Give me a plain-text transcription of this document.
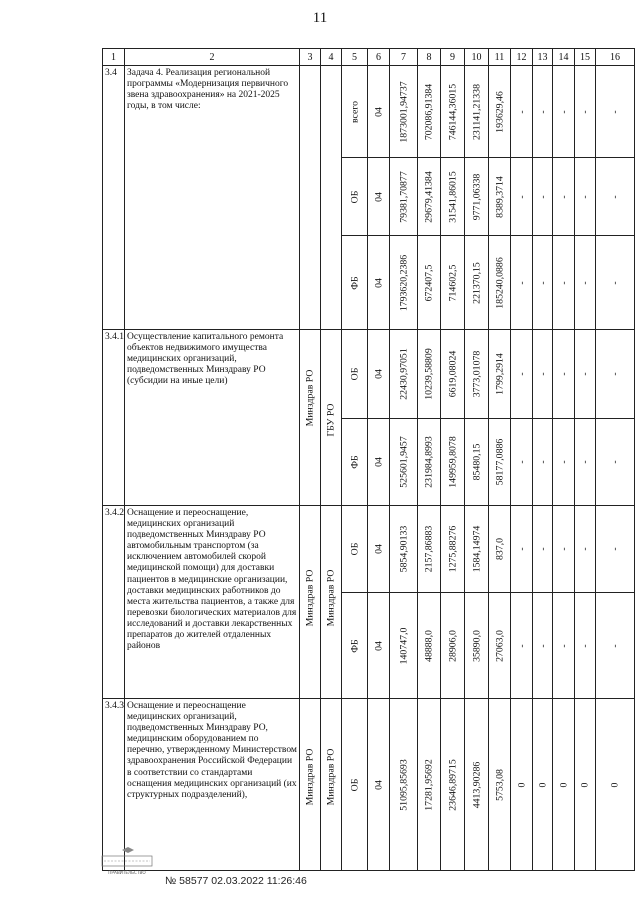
11
1	2	3	4	5	6	7	8	9	10	11	12	13	14	15	16
3.4	Задача 4. Реализация региональной программы «Модернизация первичного звена здравоохранения» на 2021-2025 годы, в том числе:			всего	04	1873001,94737	702086,91384	746144,36015	231141,21338	193629,46	-	-	-	-	-

				ОБ	04	79381,70877	29679,41384	31541,86015	9771,06338	8389,3714	-	-	-	-	-

				ФБ	04	1793620,2386	672407,5	714602,5	221370,15	185240,0886	-	-	-	-	-

3.4.1	Осуществление капитального ремонта объектов недвижимого имущества медицинских организаций, подведомственных Минздраву РО (субсидии на иные цели)	Минздрав РО	ГБУ РО	ОБ	04	22430,97051	10239,58809	6619,08024	3773,01078	1799,2914	-	-	-	-	-

				ФБ	04	525601,9457	231984,8993	149959,8078	85480,15	58177,0886	-	-	-	-	-

3.4.2	Оснащение и переоснащение, медицинских организаций подведомственных Минздраву РО автомобильным транспортом (за исключением автомобилей скорой медицинской помощи) для доставки пациентов в медицинские организации, доставки медицинских работников до места жительства пациентов, а также для перевозки биологических материалов для исследований и доставки лекарственных препаратов до жителей отдаленных районов	Минздрав РО	Минздрав РО	ОБ	04	5854,90133	2157,86883	1275,88276	1584,14974	837,0	-	-	-	-	-

				ФБ	04	140747,0	48888,0	28906,0	35890,0	27063,0	-	-	-	-	-

3.4.3	Оснащение и переоснащение медицинских организаций, подведомственных Минздраву РО, медицинским оборудованием по перечню, утвержденному Министерством здравоохранения Российской Федерации в соответствии со стандартами оснащения медицинских организаций (их структурных подразделений),	Минздрав РО	Минздрав РО	ОБ	04	51095,85693	17281,95692	23646,89715	4413,90286	5753,08	0	0	0	0	0
ПРАВИТЕЛЬСТВО
№ 58577 02.03.2022 11:26:46
